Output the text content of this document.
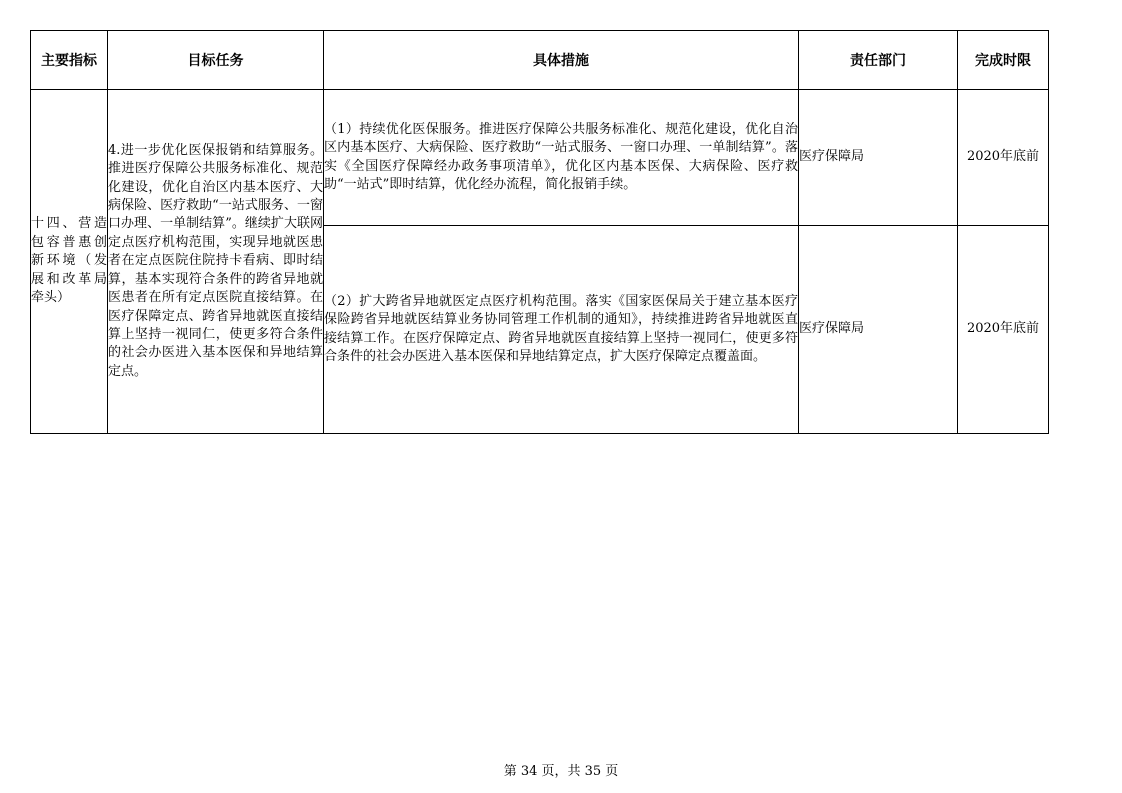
主要指标	目标任务	具体措施	责任部门	完成时限
十四、营造包容普惠创新环境（发展和改革局牵头）	4.进一步优化医保报销和结算服务。推进医疗保障公共服务标准化、规范化建设，优化自治区内基本医疗、大病保险、医疗救助“一站式服务、一窗口办理、一单制结算”。继续扩大联网定点医疗机构范围，实现异地就医患者在定点医院住院持卡看病、即时结算，基本实现符合条件的跨省异地就医患者在所有定点医院直接结算。在医疗保障定点、跨省异地就医直接结算上坚持一视同仁，使更多符合条件的社会办医进入基本医保和异地结算定点。	（1）持续优化医保服务。推进医疗保障公共服务标准化、规范化建设，优化自治区内基本医疗、大病保险、医疗救助“一站式服务、一窗口办理、一单制结算”。落实《全国医疗保障经办政务事项清单》，优化区内基本医保、大病保险、医疗救助“一站式”即时结算，优化经办流程，简化报销手续。	医疗保障局	2020年底前
		（2）扩大跨省异地就医定点医疗机构范围。落实《国家医保局关于建立基本医疗保险跨省异地就医结算业务协同管理工作机制的通知》，持续推进跨省异地就医直接结算工作。在医疗保障定点、跨省异地就医直接结算上坚持一视同仁，使更多符合条件的社会办医进入基本医保和异地结算定点，扩大医疗保障定点覆盖面。	医疗保障局	2020年底前
第 34 页，共 35 页
